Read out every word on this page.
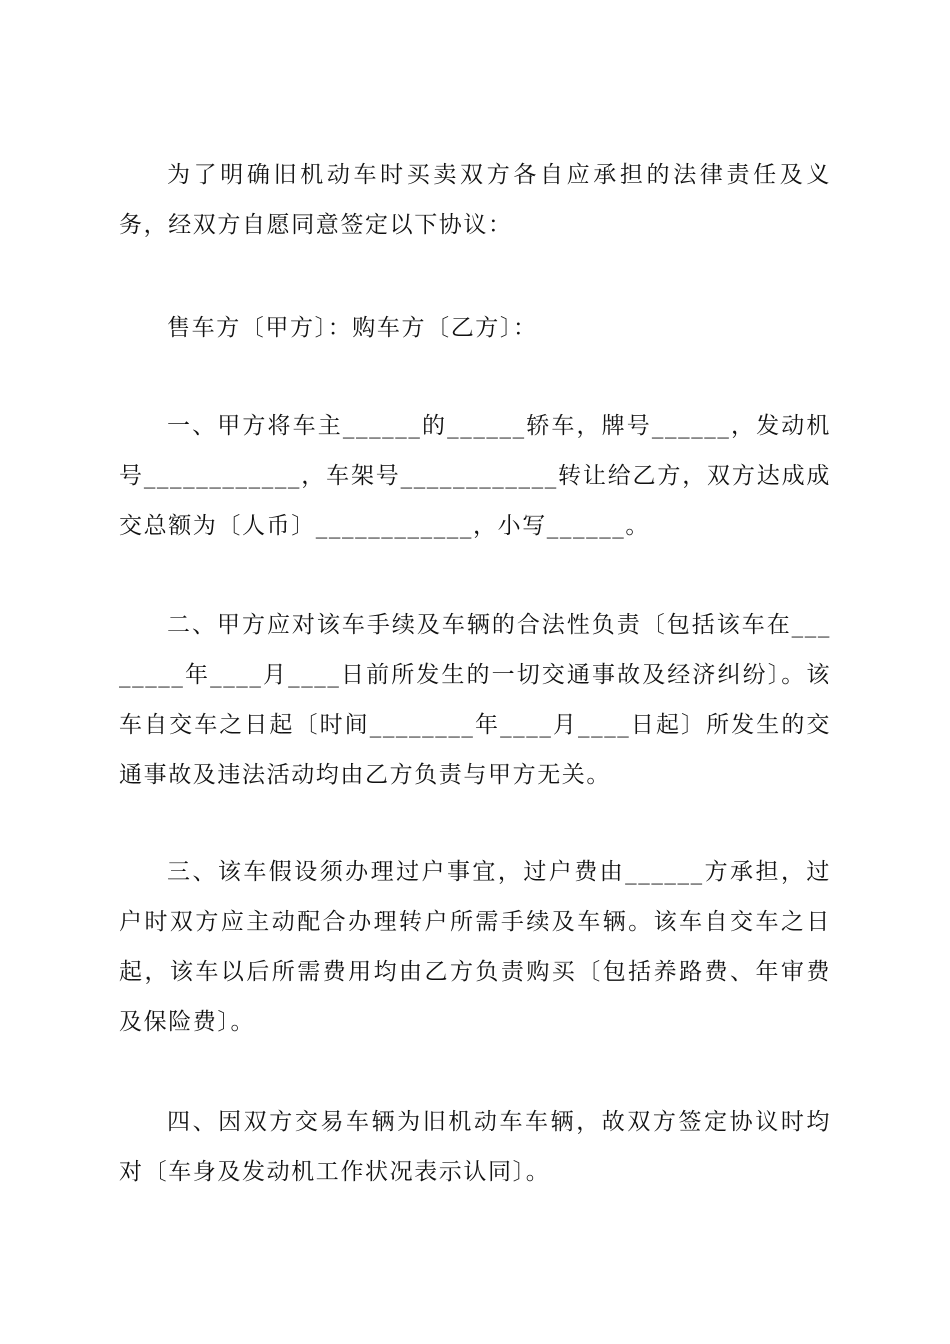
为了明确旧机动车时买卖双方各自应承担的法律责任及义务，经双方自愿同意签定以下协议：

售车方〔甲方〕：购车方〔乙方〕：

一、甲方将车主______的______轿车，牌号______，发动机号____________，车架号____________转让给乙方，双方达成成交总额为〔人币〕____________，小写______。

二、甲方应对该车手续及车辆的合法性负责〔包括该车在________年____月____日前所发生的一切交通事故及经济纠纷〕。该车自交车之日起〔时间________年____月____日起〕所发生的交通事故及违法活动均由乙方负责与甲方无关。

三、该车假设须办理过户事宜，过户费由______方承担，过户时双方应主动配合办理转户所需手续及车辆。该车自交车之日起，该车以后所需费用均由乙方负责购买〔包括养路费、年审费及保险费〕。

四、因双方交易车辆为旧机动车车辆，故双方签定协议时均对〔车身及发动机工作状况表示认同〕。
